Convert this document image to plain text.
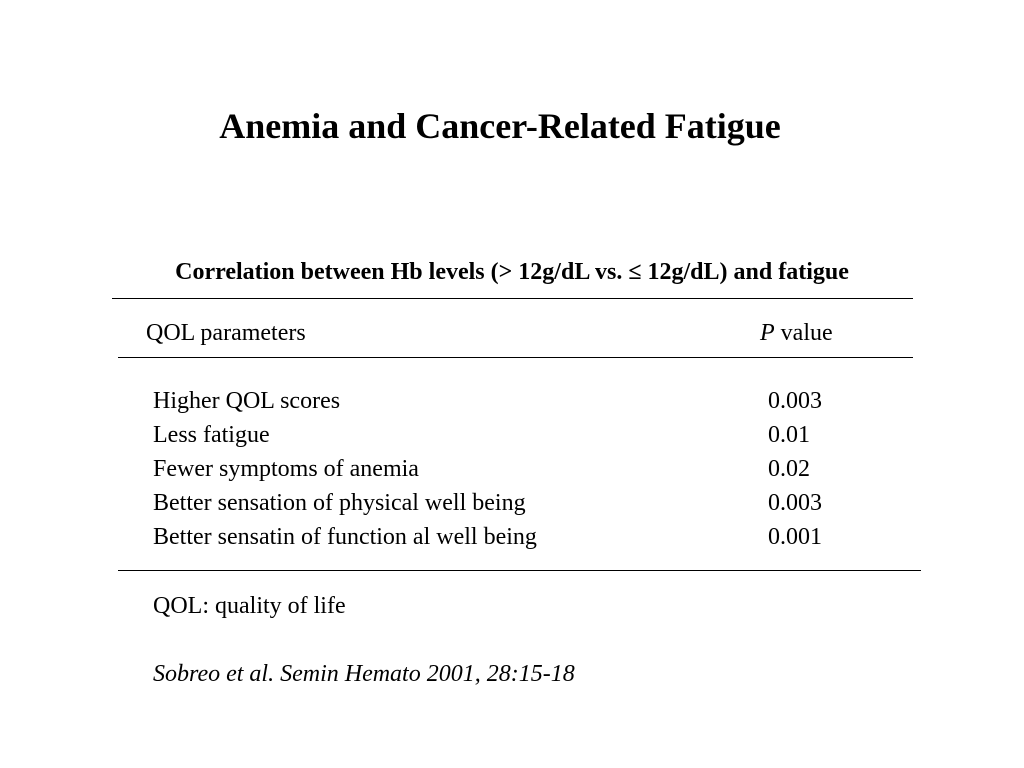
Anemia and Cancer-Related Fatigue
Correlation between Hb levels (> 12g/dL vs. ≤ 12g/dL) and fatigue
QOL parameters	P value
Higher QOL scores	0.003
Less fatigue	0.01
Fewer symptoms of anemia	0.02
Better sensation of physical well being	0.003
Better sensatin of function al well being	0.001
QOL: quality of life
Sobreo et al. Semin Hemato 2001, 28:15-18
